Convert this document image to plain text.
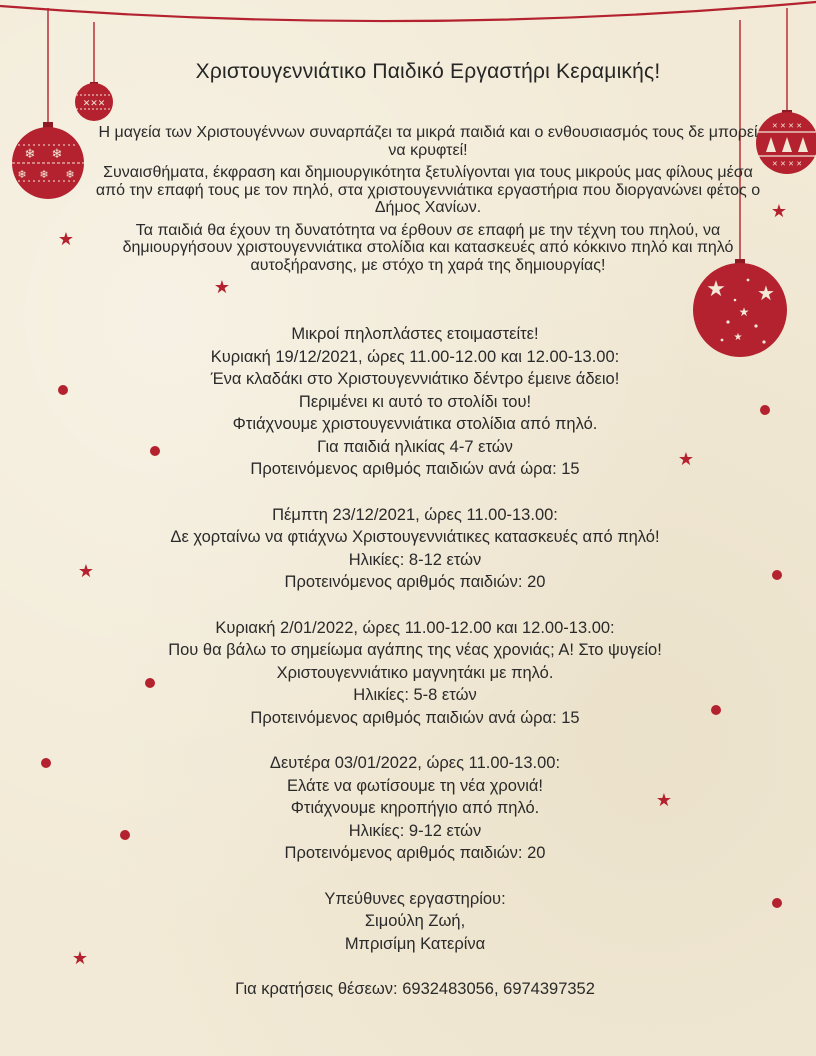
❄ ❄
❄ ❄
❄
✕✕✕
✕ ✕ ✕ ✕
✕ ✕ ✕ ✕
★ ★
★
★
★
★
★
★
★
★
★
Χριστουγεννιάτικο Παιδικό Εργαστήρι Κεραμικής!

Η μαγεία των Χριστουγέννων συναρπάζει τα μικρά παιδιά και ο ενθουσιασμός τους δε μπορεί να κρυφτεί!

Συναισθήματα, έκφραση και δημιουργικότητα ξετυλίγονται για τους μικρούς μας φίλους μέσα από την επαφή τους με τον πηλό, στα χριστουγεννιάτικα εργαστήρια που διοργανώνει φέτος ο Δήμος Χανίων.

Τα παιδιά θα έχουν τη δυνατότητα να έρθουν σε επαφή με την τέχνη του πηλού, να δημιουργήσουν χριστουγεννιάτικα στολίδια και κατασκευές από κόκκινο πηλό και πηλό αυτοξήρανσης, με στόχο τη χαρά της δημιουργίας!

Μικροί πηλοπλάστες ετοιμαστείτε!
Κυριακή 19/12/2021, ώρες 11.00-12.00 και 12.00-13.00:
Ένα κλαδάκι στο Χριστουγεννιάτικο δέντρο έμεινε άδειο!
Περιμένει κι αυτό το στολίδι του!
Φτιάχνουμε χριστουγεννιάτικα στολίδια από πηλό.
Για παιδιά ηλικίας 4-7 ετών
Προτεινόμενος αριθμός παιδιών ανά ώρα: 15
Πέμπτη 23/12/2021, ώρες 11.00-13.00:
Δε χορταίνω να φτιάχνω Χριστουγεννιάτικες κατασκευές από πηλό!
Ηλικίες: 8-12 ετών
Προτεινόμενος αριθμός παιδιών: 20
Κυριακή 2/01/2022, ώρες 11.00-12.00 και 12.00-13.00:
Που θα βάλω το σημείωμα αγάπης της νέας χρονιάς; Α! Στο ψυγείο!
Χριστουγεννιάτικο μαγνητάκι με πηλό.
Ηλικίες: 5-8 ετών
Προτεινόμενος αριθμός παιδιών ανά ώρα: 15
Δευτέρα 03/01/2022, ώρες 11.00-13.00:
Ελάτε να φωτίσουμε τη νέα χρονιά!
Φτιάχνουμε κηροπήγιο από πηλό.
Ηλικίες: 9-12 ετών
Προτεινόμενος αριθμός παιδιών: 20
Υπεύθυνες εργαστηρίου:
Σιμούλη Ζωή,
Μπρισίμη Κατερίνα
Για κρατήσεις θέσεων: 6932483056, 6974397352
